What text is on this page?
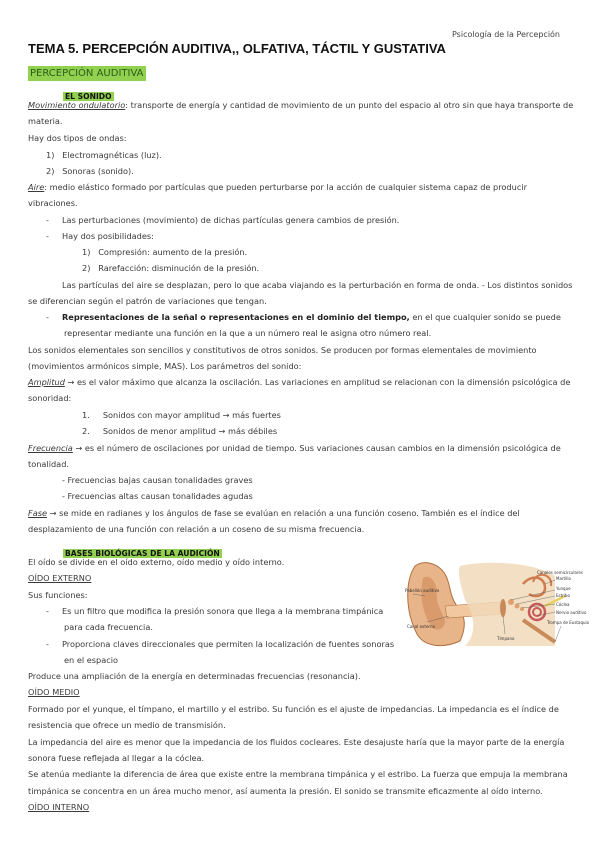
Psicología de la Percepción
TEMA 5. PERCEPCIÓN AUDITIVA,, OLFATIVA, TÁCTIL Y GUSTATIVA
PERCEPCIÓN AUDITIVA
EL SONIDO
Movimiento ondulatorio: transporte de energía y cantidad de movimiento de un punto del espacio al otro sin que haya transporte de
materia.
Hay dos tipos de ondas:
1)   Electromagnéticas (luz).
2)   Sonoras (sonido).
Aire: medio elástico formado por partículas que pueden perturbarse por la acción de cualquier sistema capaz de producir
vibraciones.
- Las perturbaciones (movimiento) de dichas partículas genera cambios de presión.
- Hay dos posibilidades:
1)   Compresión: aumento de la presión.
2)   Rarefacción: disminución de la presión.
Las partículas del aire se desplazan, pero lo que acaba viajando es la perturbación en forma de onda. - Los distintos sonidos
se diferencian según el patrón de variaciones que tengan.
- Representaciones de la señal o representaciones en el dominio del tiempo, en el que cualquier sonido se puede
representar mediante una función en la que a un número real le asigna otro número real.
Los sonidos elementales son sencillos y constitutivos de otros sonidos. Se producen por formas elementales de movimiento
(movimientos armónicos simple, MAS). Los parámetros del sonido:
Amplitud → es el valor máximo que alcanza la oscilación. Las variaciones en amplitud se relacionan con la dimensión psicológica de
sonoridad:
1.     Sonidos con mayor amplitud → más fuertes
2.     Sonidos de menor amplitud → más débiles
Frecuencia → es el número de oscilaciones por unidad de tiempo. Sus variaciones causan cambios en la dimensión psicológica de
tonalidad.
- Frecuencias bajas causan tonalidades graves
- Frecuencias altas causan tonalidades agudas
Fase → se mide en radianes y los ángulos de fase se evalúan en relación a una función coseno. También es el índice del
desplazamiento de una función con relación a un coseno de su misma frecuencia.
BASES BIOLÓGICAS DE LA AUDICIÓN
El oído se divide en el oído externo, oído medio y oído interno.
OÍDO EXTERNO
Sus funciones:
- Es un filtro que modifica la presión sonora que llega a la membrana timpánica
para cada frecuencia.
- Proporciona claves direccionales que permiten la localización de fuentes sonoras
en el espacio
Produce una ampliación de la energía en determinadas frecuencias (resonancia).
OÍDO MEDIO
Formado por el yunque, el tímpano, el martillo y el estribo. Su función es el ajuste de impedancias. La impedancia es el índice de
resistencia que ofrece un medio de transmisión.
La impedancia del aire es menor que la impedancia de los fluidos cocleares. Este desajuste haría que la mayor parte de la energía
sonora fuese reflejada al llegar a la cóclea.
Se atenúa mediante la diferencia de área que existe entre la membrana timpánica y el estribo. La fuerza que empuja la membrana
timpánica se concentra en un área mucho menor, así aumenta la presión. El sonido se transmite eficazmente al oído interno.
OÍDO INTERNO
Canales semicirculares
Martillo
Yunque
Estribo
Pabellón auditivo
Canal externo
Tímpano
Cóclea
Nervio auditivo
Trompa de Eustaquio
